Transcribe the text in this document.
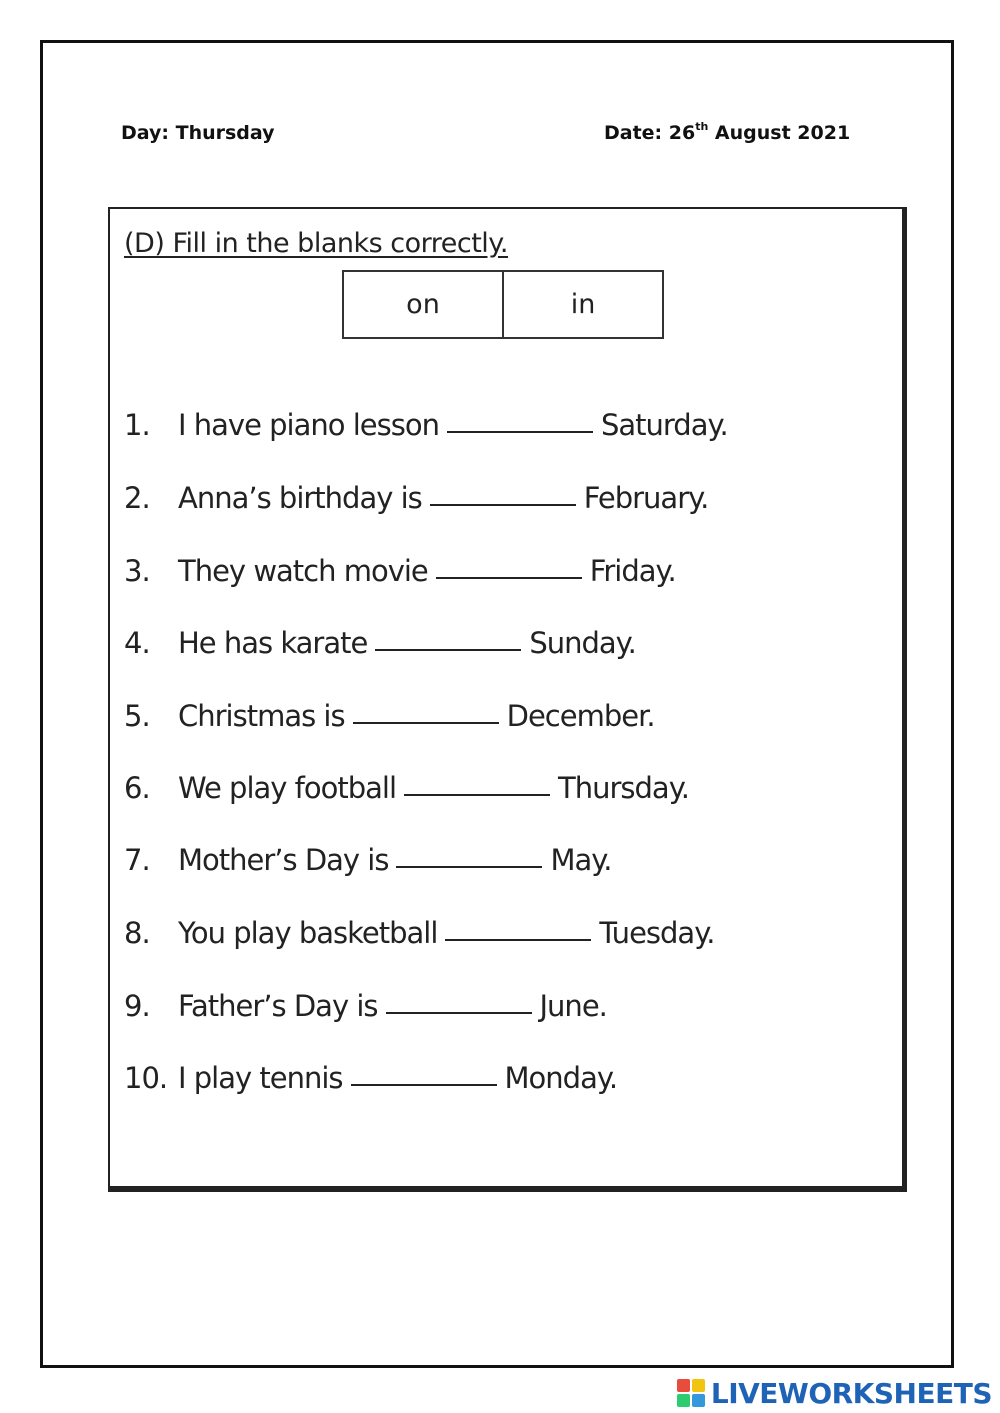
Day: Thursday	Date: 26th August 2021
(D) Fill in the blanks correctly.
on	in
1. I have piano lesson	Saturday.
2. Anna’s birthday is	February.
3. They watch movie	Friday.
4. He has karate	Sunday.
5. Christmas is	December.
6. We play football	Thursday.
7. Mother’s Day is	May.
8. You play basketball	Tuesday.
9. Father’s Day is	June.
10. I play tennis	Monday.
LIVEWORKSHEETS
